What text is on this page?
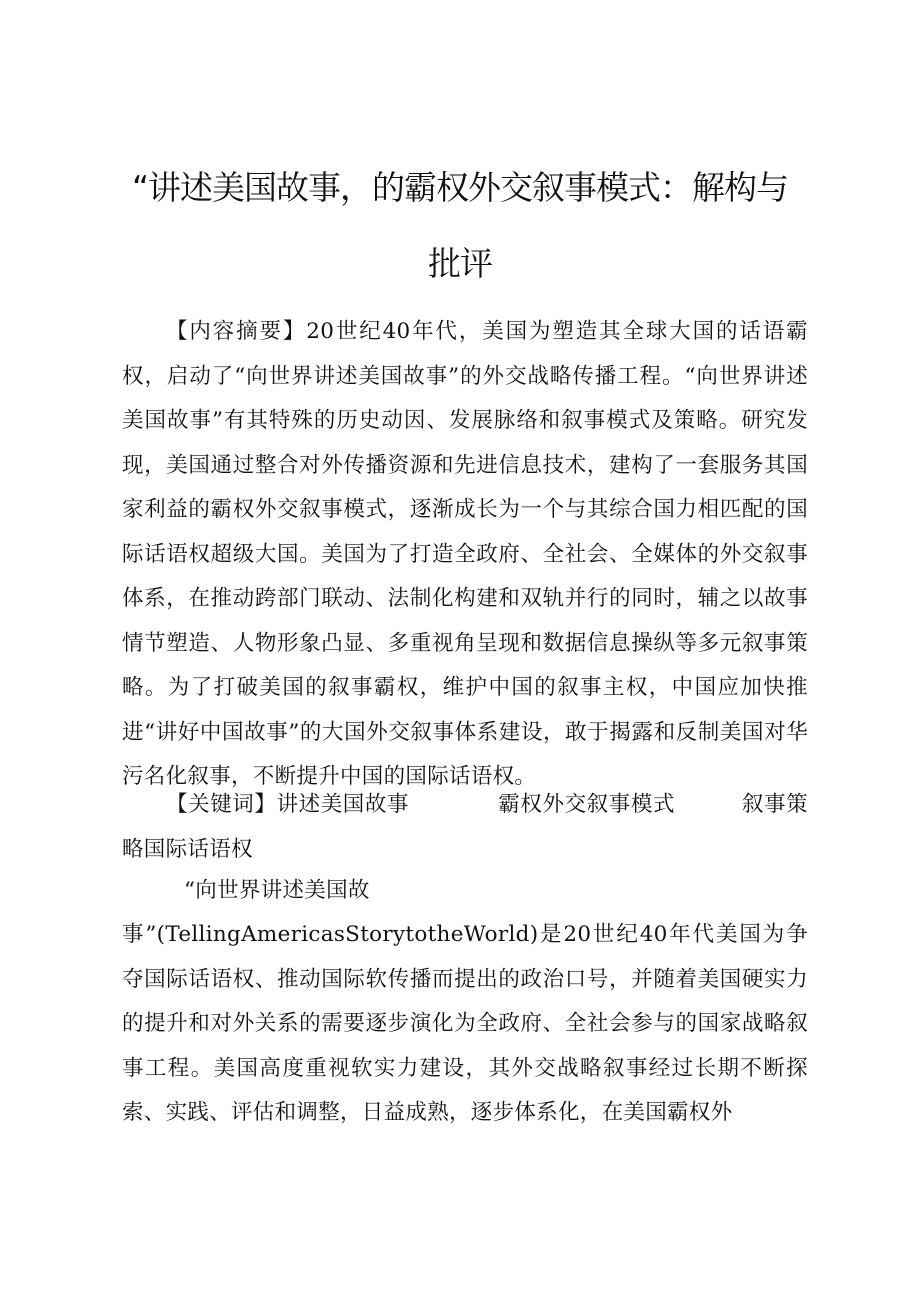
“讲述美国故事，的霸权外交叙事模式：解构与
批评
【内容摘要】20世纪40年代，美国为塑造其全球大国的话语霸权，启动了“向世界讲述美国故事”的外交战略传播工程。“向世界讲述美国故事”有其特殊的历史动因、发展脉络和叙事模式及策略。研究发现，美国通过整合对外传播资源和先进信息技术，建构了一套服务其国家利益的霸权外交叙事模式，逐渐成长为一个与其综合国力相匹配的国际话语权超级大国。美国为了打造全政府、全社会、全媒体的外交叙事体系，在推动跨部门联动、法制化构建和双轨并行的同时，辅之以故事情节塑造、人物形象凸显、多重视角呈现和数据信息操纵等多元叙事策略。为了打破美国的叙事霸权，维护中国的叙事主权，中国应加快推进“讲好中国故事”的大国外交叙事体系建设，敢于揭露和反制美国对华污名化叙事，不断提升中国的国际话语权。
【关键词】讲述美国故事	霸权外交叙事模式	叙事策略国际话语权
“向世界讲述美国故
事”(TellingAmericasStorytotheWorld)是20世纪40年代美国为争夺国际话语权、推动国际软传播而提出的政治口号，并随着美国硬实力的提升和对外关系的需要逐步演化为全政府、全社会参与的国家战略叙事工程。美国高度重视软实力建设，其外交战略叙事经过长期不断探索、实践、评估和调整，日益成熟，逐步体系化，在美国霸权外
